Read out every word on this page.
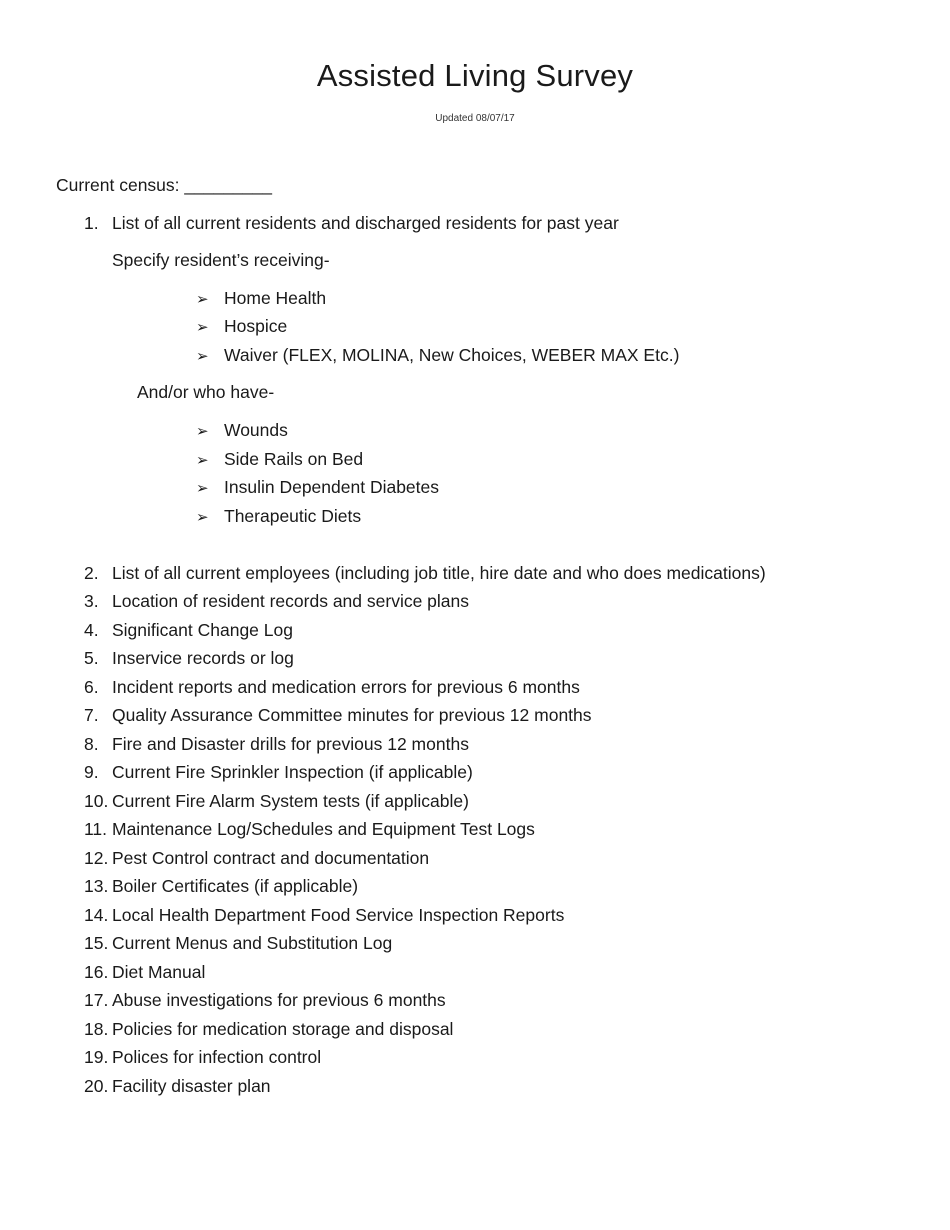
Assisted Living Survey
Updated 08/07/17
Current census: _________
1. List of all current residents and discharged residents for past year
Specify resident’s receiving-
➢ Home Health
➢ Hospice
➢ Waiver (FLEX, MOLINA, New Choices, WEBER MAX Etc.)
And/or who have-
➢ Wounds
➢ Side Rails on Bed
➢ Insulin Dependent Diabetes
➢ Therapeutic Diets
2. List of all current employees (including job title, hire date and who does medications)
3. Location of resident records and service plans
4. Significant Change Log
5. Inservice records or log
6. Incident reports and medication errors for previous 6 months
7. Quality Assurance Committee minutes for previous 12 months
8. Fire and Disaster drills for previous 12 months
9. Current Fire Sprinkler Inspection (if applicable)
10. Current Fire Alarm System tests (if applicable)
11. Maintenance Log/Schedules and Equipment Test Logs
12. Pest Control contract and documentation
13. Boiler Certificates (if applicable)
14. Local Health Department Food Service Inspection Reports
15. Current Menus and Substitution Log
16. Diet Manual
17. Abuse investigations for previous 6 months
18. Policies for medication storage and disposal
19. Polices for infection control
20. Facility disaster plan
